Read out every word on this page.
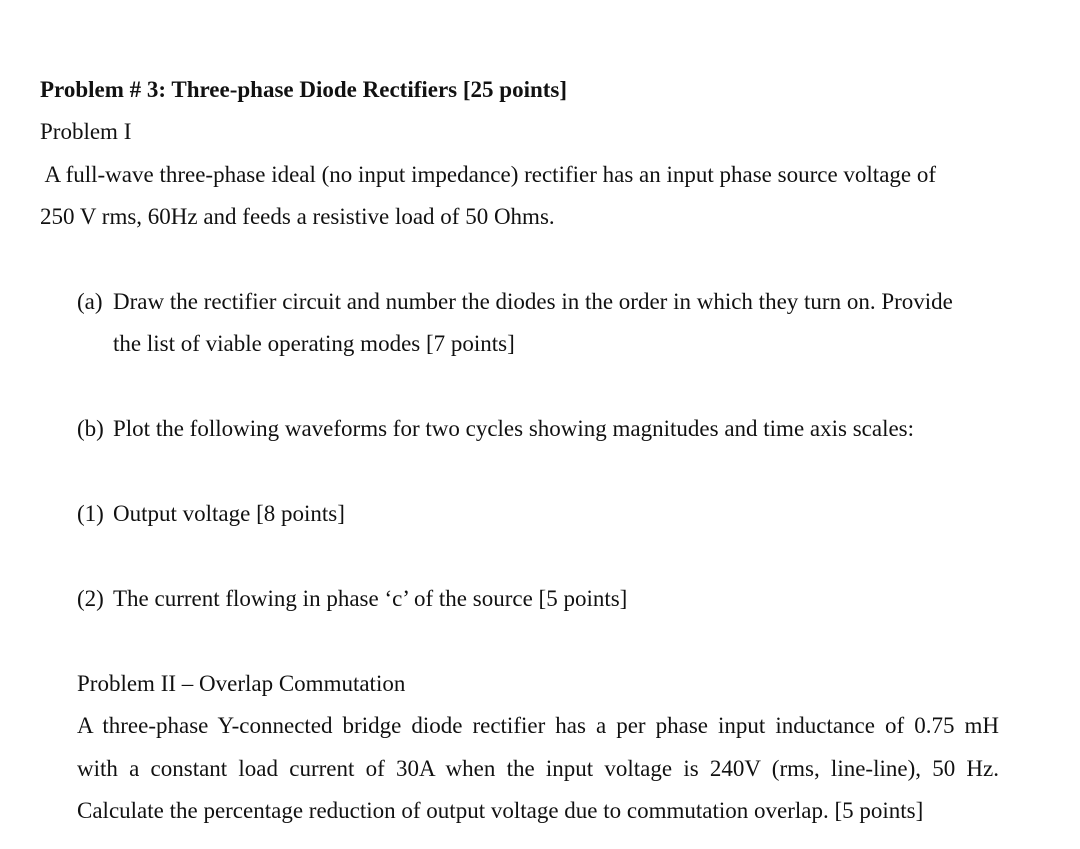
Problem # 3: Three-phase Diode Rectifiers [25 points]
Problem I
A full-wave three-phase ideal (no input impedance) rectifier has an input phase source voltage of
250 V rms, 60Hz and feeds a resistive load of 50 Ohms.
(a) Draw the rectifier circuit and number the diodes in the order in which they turn on. Provide
the list of viable operating modes [7 points]
(b) Plot the following waveforms for two cycles showing magnitudes and time axis scales:
(1) Output voltage [8 points]
(2) The current flowing in phase ‘c’ of the source [5 points]
Problem II – Overlap Commutation
A three-phase Y-connected bridge diode rectifier has a per phase input inductance of 0.75 mH
with a constant load current of 30A when the input voltage is 240V (rms, line-line), 50 Hz.
Calculate the percentage reduction of output voltage due to commutation overlap. [5 points]
